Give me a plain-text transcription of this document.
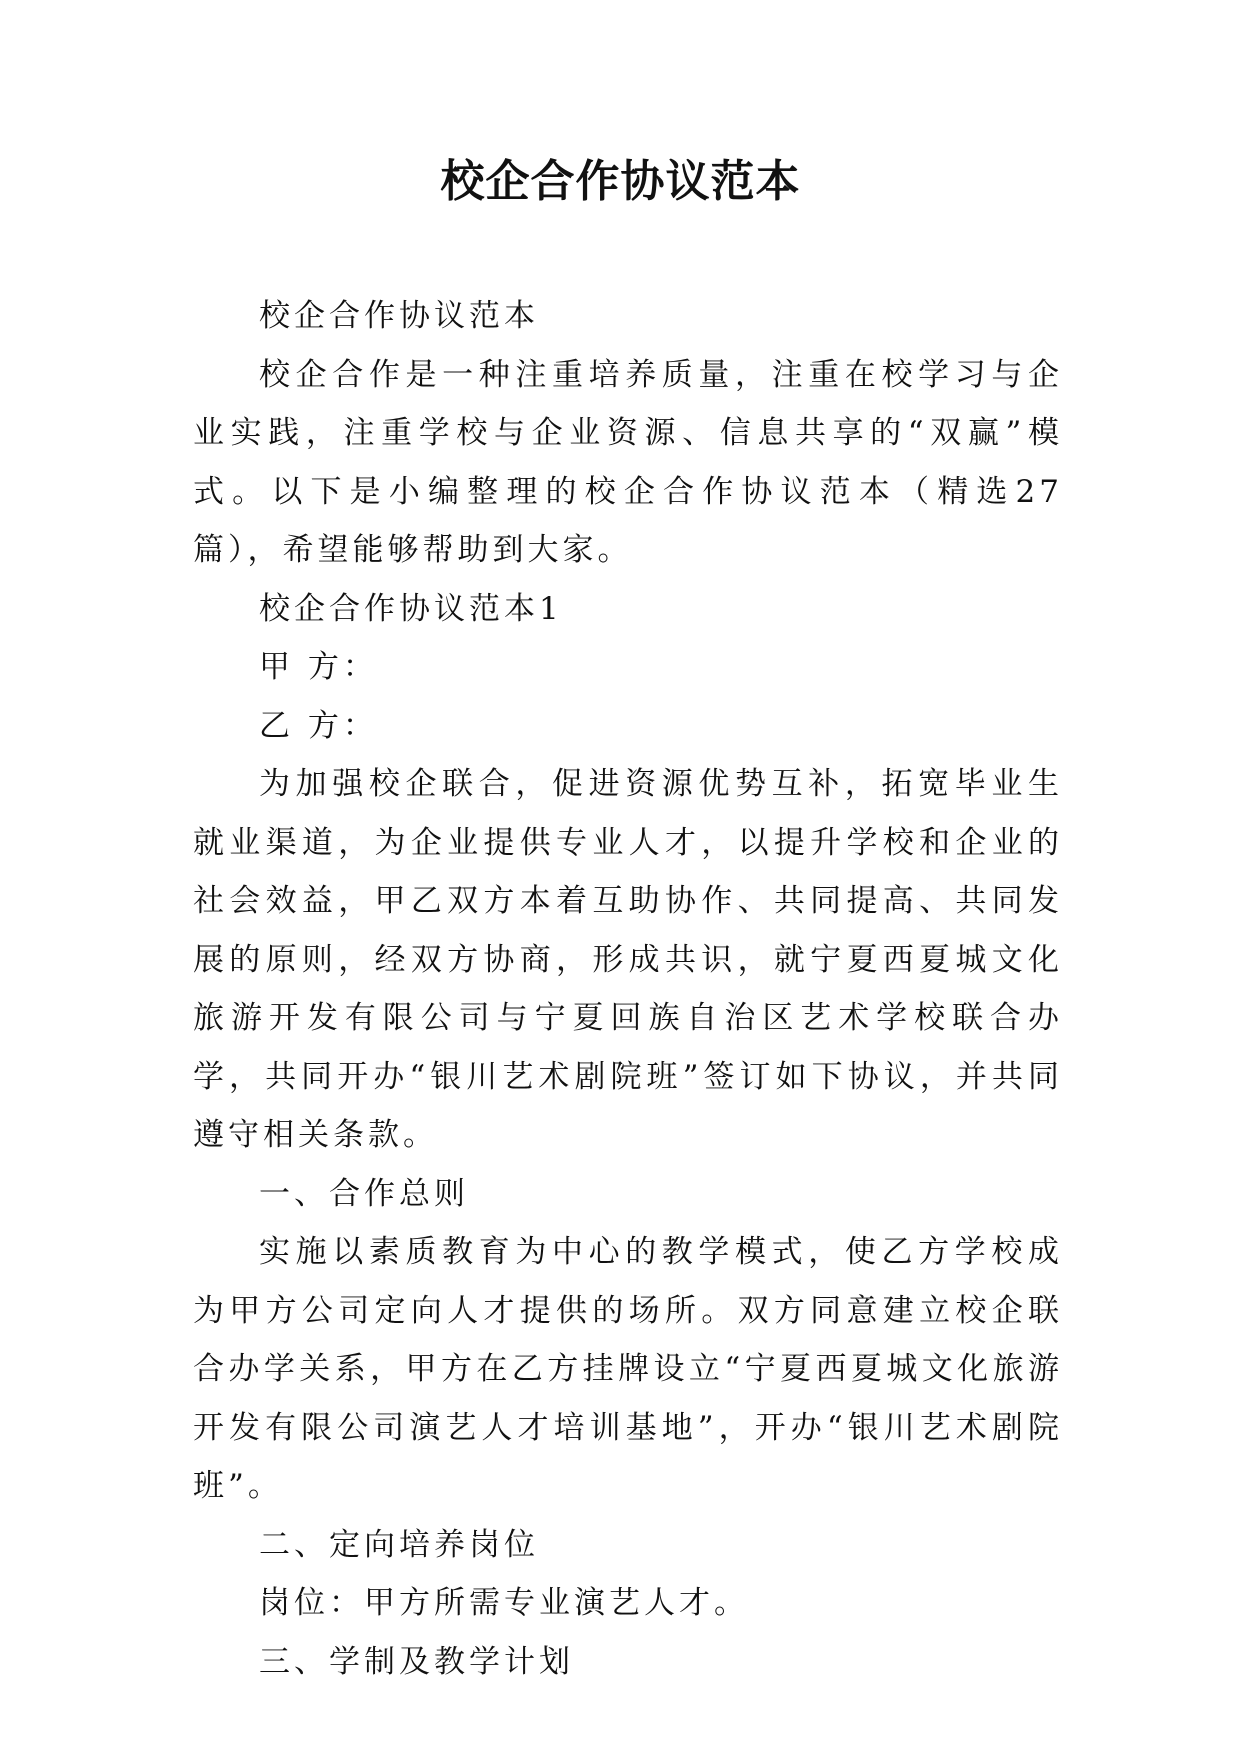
校企合作协议范本

校企合作协议范本

校企合作是一种注重培养质量，注重在校学习与企业实践，注重学校与企业资源、信息共享的“双赢”模式。以下是小编整理的校企合作协议范本（精选27篇），希望能够帮助到大家。

校企合作协议范本1

甲 方：

乙 方：

为加强校企联合，促进资源优势互补，拓宽毕业生就业渠道，为企业提供专业人才，以提升学校和企业的社会效益，甲乙双方本着互助协作、共同提高、共同发展的原则，经双方协商，形成共识，就宁夏西夏城文化旅游开发有限公司与宁夏回族自治区艺术学校联合办学，共同开办“银川艺术剧院班”签订如下协议，并共同遵守相关条款。

一、合作总则

实施以素质教育为中心的教学模式，使乙方学校成为甲方公司定向人才提供的场所。双方同意建立校企联合办学关系，甲方在乙方挂牌设立“宁夏西夏城文化旅游开发有限公司演艺人才培训基地”，开办“银川艺术剧院班”。

二、定向培养岗位

岗位：甲方所需专业演艺人才。

三、学制及教学计划
